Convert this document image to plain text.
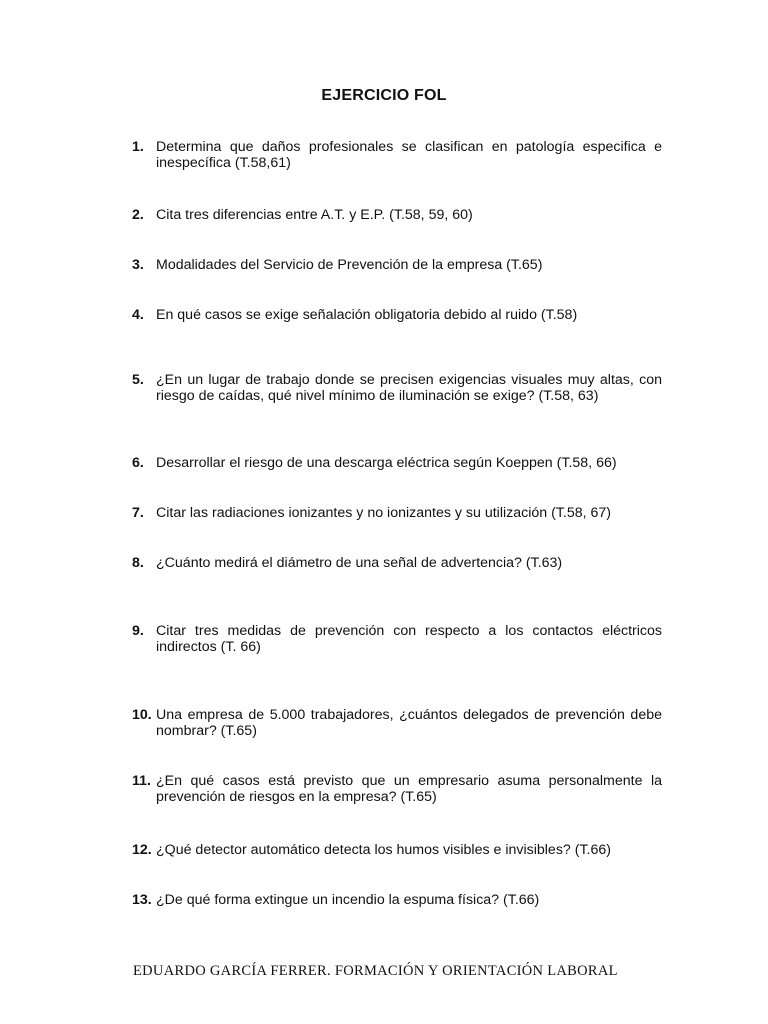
EJERCICIO FOL
1. Determina que daños profesionales se clasifican en patología especifica e inespecífica (T.58,61)
2. Cita tres diferencias entre A.T. y E.P. (T.58, 59, 60)
3. Modalidades del Servicio de Prevención de la empresa (T.65)
4. En qué casos se exige señalación obligatoria debido al ruido (T.58)
5. ¿En un lugar de trabajo donde se precisen exigencias visuales muy altas, con riesgo de caídas, qué nivel mínimo de iluminación se exige? (T.58, 63)
6. Desarrollar el riesgo de una descarga eléctrica según Koeppen (T.58, 66)
7. Citar las radiaciones ionizantes y no ionizantes y su utilización (T.58, 67)
8. ¿Cuánto medirá el diámetro de una señal de advertencia? (T.63)
9. Citar tres medidas de prevención con respecto a los contactos eléctricos indirectos (T. 66)
10. Una empresa de 5.000 trabajadores, ¿cuántos delegados de prevención debe nombrar? (T.65)
11. ¿En qué casos está previsto que un empresario asuma personalmente la prevención de riesgos en la empresa? (T.65)
12. ¿Qué detector automático detecta los humos visibles e invisibles? (T.66)
13. ¿De qué forma extingue un incendio la espuma física? (T.66)
EDUARDO GARCÍA FERRER. FORMACIÓN Y ORIENTACIÓN LABORAL
